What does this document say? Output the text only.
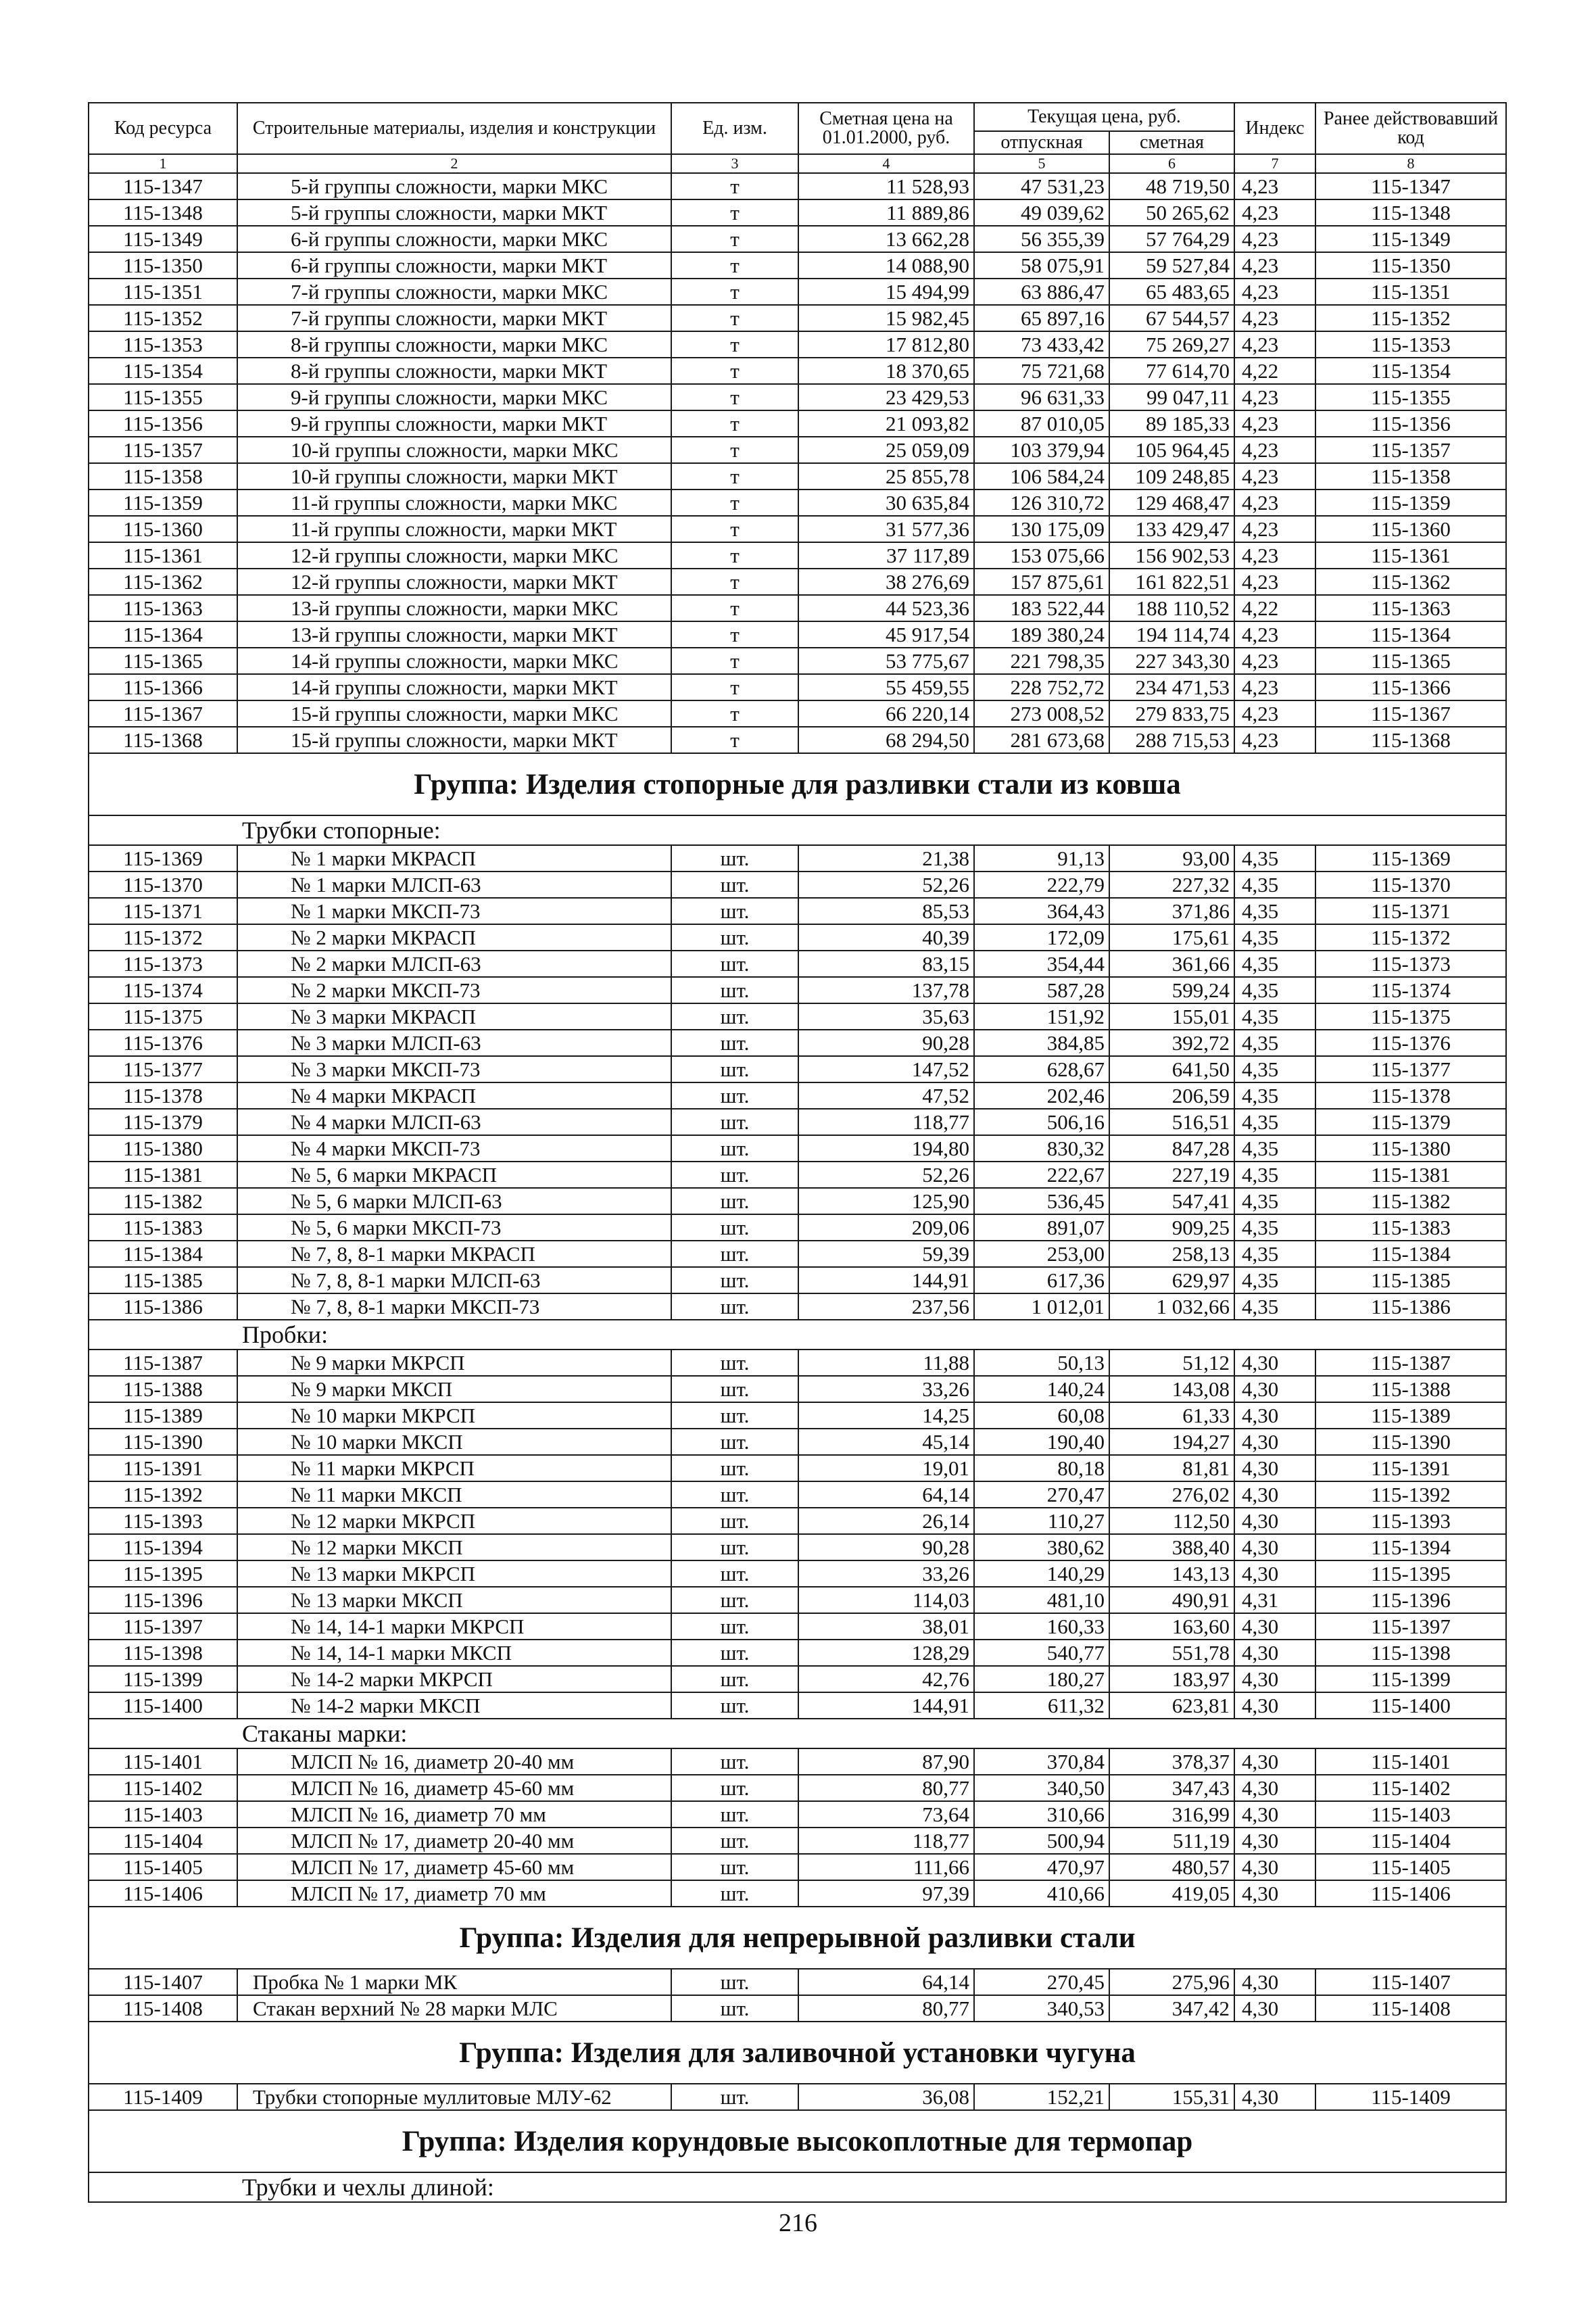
Код ресурса	Строительные материалы, изделия и конструкции	Ед. изм.	Сметная цена на 01.01.2000, руб.	Текущая цена, руб.		Индекс	Ранее действовавший код
				отпускная	сметная		
1	2	3	4	5	6	7	8
115-1347	5-й группы сложности, марки МКС	т	11 528,93	47 531,23	48 719,50	4,23	115-1347
115-1348	5-й группы сложности, марки МКТ	т	11 889,86	49 039,62	50 265,62	4,23	115-1348
115-1349	6-й группы сложности, марки МКС	т	13 662,28	56 355,39	57 764,29	4,23	115-1349
115-1350	6-й группы сложности, марки МКТ	т	14 088,90	58 075,91	59 527,84	4,23	115-1350
115-1351	7-й группы сложности, марки МКС	т	15 494,99	63 886,47	65 483,65	4,23	115-1351
115-1352	7-й группы сложности, марки МКТ	т	15 982,45	65 897,16	67 544,57	4,23	115-1352
115-1353	8-й группы сложности, марки МКС	т	17 812,80	73 433,42	75 269,27	4,23	115-1353
115-1354	8-й группы сложности, марки МКТ	т	18 370,65	75 721,68	77 614,70	4,22	115-1354
115-1355	9-й группы сложности, марки МКС	т	23 429,53	96 631,33	99 047,11	4,23	115-1355
115-1356	9-й группы сложности, марки МКТ	т	21 093,82	87 010,05	89 185,33	4,23	115-1356
115-1357	10-й группы сложности, марки МКС	т	25 059,09	103 379,94	105 964,45	4,23	115-1357
115-1358	10-й группы сложности, марки МКТ	т	25 855,78	106 584,24	109 248,85	4,23	115-1358
115-1359	11-й группы сложности, марки МКС	т	30 635,84	126 310,72	129 468,47	4,23	115-1359
115-1360	11-й группы сложности, марки МКТ	т	31 577,36	130 175,09	133 429,47	4,23	115-1360
115-1361	12-й группы сложности, марки МКС	т	37 117,89	153 075,66	156 902,53	4,23	115-1361
115-1362	12-й группы сложности, марки МКТ	т	38 276,69	157 875,61	161 822,51	4,23	115-1362
115-1363	13-й группы сложности, марки МКС	т	44 523,36	183 522,44	188 110,52	4,22	115-1363
115-1364	13-й группы сложности, марки МКТ	т	45 917,54	189 380,24	194 114,74	4,23	115-1364
115-1365	14-й группы сложности, марки МКС	т	53 775,67	221 798,35	227 343,30	4,23	115-1365
115-1366	14-й группы сложности, марки МКТ	т	55 459,55	228 752,72	234 471,53	4,23	115-1366
115-1367	15-й группы сложности, марки МКС	т	66 220,14	273 008,52	279 833,75	4,23	115-1367
115-1368	15-й группы сложности, марки МКТ	т	68 294,50	281 673,68	288 715,53	4,23	115-1368
Группа: Изделия стопорные для разливки стали из ковша							
Трубки стопорные:							
115-1369	№ 1 марки МКРАСП	шт.	21,38	91,13	93,00	4,35	115-1369
115-1370	№ 1 марки МЛСП-63	шт.	52,26	222,79	227,32	4,35	115-1370
115-1371	№ 1 марки МКСП-73	шт.	85,53	364,43	371,86	4,35	115-1371
115-1372	№ 2 марки МКРАСП	шт.	40,39	172,09	175,61	4,35	115-1372
115-1373	№ 2 марки МЛСП-63	шт.	83,15	354,44	361,66	4,35	115-1373
115-1374	№ 2 марки МКСП-73	шт.	137,78	587,28	599,24	4,35	115-1374
115-1375	№ 3 марки МКРАСП	шт.	35,63	151,92	155,01	4,35	115-1375
115-1376	№ 3 марки МЛСП-63	шт.	90,28	384,85	392,72	4,35	115-1376
115-1377	№ 3 марки МКСП-73	шт.	147,52	628,67	641,50	4,35	115-1377
115-1378	№ 4 марки МКРАСП	шт.	47,52	202,46	206,59	4,35	115-1378
115-1379	№ 4 марки МЛСП-63	шт.	118,77	506,16	516,51	4,35	115-1379
115-1380	№ 4 марки МКСП-73	шт.	194,80	830,32	847,28	4,35	115-1380
115-1381	№ 5, 6 марки МКРАСП	шт.	52,26	222,67	227,19	4,35	115-1381
115-1382	№ 5, 6 марки МЛСП-63	шт.	125,90	536,45	547,41	4,35	115-1382
115-1383	№ 5, 6 марки МКСП-73	шт.	209,06	891,07	909,25	4,35	115-1383
115-1384	№ 7, 8, 8-1 марки МКРАСП	шт.	59,39	253,00	258,13	4,35	115-1384
115-1385	№ 7, 8, 8-1 марки МЛСП-63	шт.	144,91	617,36	629,97	4,35	115-1385
115-1386	№ 7, 8, 8-1 марки МКСП-73	шт.	237,56	1 012,01	1 032,66	4,35	115-1386
Пробки:							
115-1387	№ 9 марки МКРСП	шт.	11,88	50,13	51,12	4,30	115-1387
115-1388	№ 9 марки МКСП	шт.	33,26	140,24	143,08	4,30	115-1388
115-1389	№ 10 марки МКРСП	шт.	14,25	60,08	61,33	4,30	115-1389
115-1390	№ 10 марки МКСП	шт.	45,14	190,40	194,27	4,30	115-1390
115-1391	№ 11 марки МКРСП	шт.	19,01	80,18	81,81	4,30	115-1391
115-1392	№ 11 марки МКСП	шт.	64,14	270,47	276,02	4,30	115-1392
115-1393	№ 12 марки МКРСП	шт.	26,14	110,27	112,50	4,30	115-1393
115-1394	№ 12 марки МКСП	шт.	90,28	380,62	388,40	4,30	115-1394
115-1395	№ 13 марки МКРСП	шт.	33,26	140,29	143,13	4,30	115-1395
115-1396	№ 13 марки МКСП	шт.	114,03	481,10	490,91	4,31	115-1396
115-1397	№ 14, 14-1 марки МКРСП	шт.	38,01	160,33	163,60	4,30	115-1397
115-1398	№ 14, 14-1 марки МКСП	шт.	128,29	540,77	551,78	4,30	115-1398
115-1399	№ 14-2 марки МКРСП	шт.	42,76	180,27	183,97	4,30	115-1399
115-1400	№ 14-2 марки МКСП	шт.	144,91	611,32	623,81	4,30	115-1400
Стаканы марки:							
115-1401	МЛСП № 16, диаметр 20-40 мм	шт.	87,90	370,84	378,37	4,30	115-1401
115-1402	МЛСП № 16, диаметр 45-60 мм	шт.	80,77	340,50	347,43	4,30	115-1402
115-1403	МЛСП № 16, диаметр 70 мм	шт.	73,64	310,66	316,99	4,30	115-1403
115-1404	МЛСП № 17, диаметр 20-40 мм	шт.	118,77	500,94	511,19	4,30	115-1404
115-1405	МЛСП № 17, диаметр 45-60 мм	шт.	111,66	470,97	480,57	4,30	115-1405
115-1406	МЛСП № 17, диаметр 70 мм	шт.	97,39	410,66	419,05	4,30	115-1406
Группа: Изделия для непрерывной разливки стали							
115-1407	Пробка № 1 марки МК	шт.	64,14	270,45	275,96	4,30	115-1407
115-1408	Стакан верхний № 28 марки МЛС	шт.	80,77	340,53	347,42	4,30	115-1408
Группа: Изделия для заливочной установки чугуна							
115-1409	Трубки стопорные муллитовые МЛУ-62	шт.	36,08	152,21	155,31	4,30	115-1409
Группа: Изделия корундовые высокоплотные для термопар							
Трубки и чехлы длиной:							
216
